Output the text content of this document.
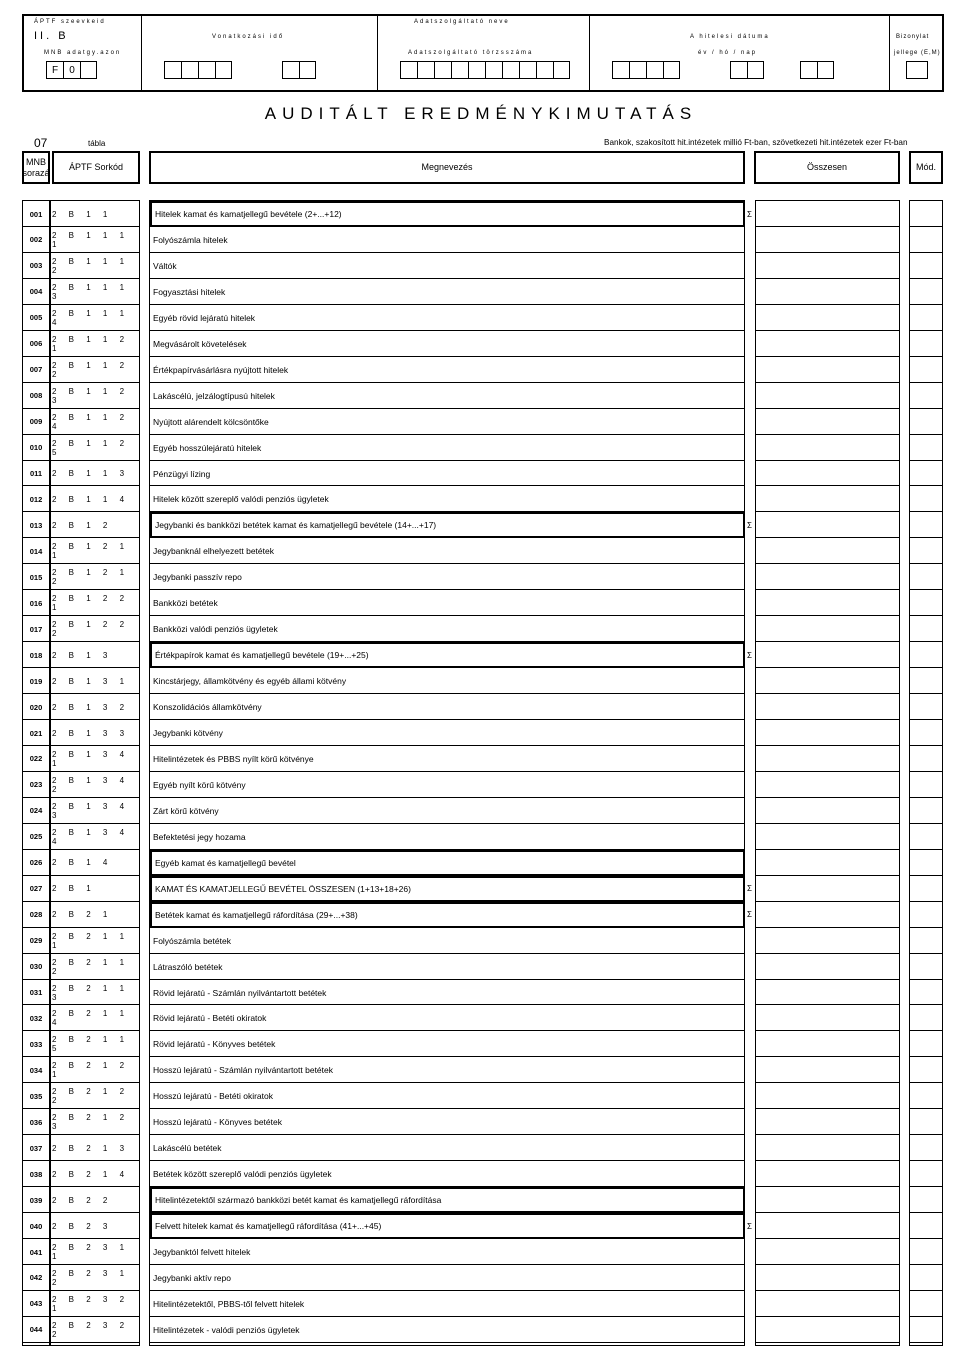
ÁPTF szeevkeid
II. B
MNB adatgy.azon
F	0
Vonatkozási idő
Adatszolgáltató neve
Adatszolgáltató törzsszáma
A hitelesi dátuma
év / hó / nap
Bizonylat
jellege (E,M)
AUDITÁLT EREDMÉNYKIMUTATÁS
07	tábla	Bankok, szakosított hit.intézetek millió Ft-ban, szövetkezeti hit.intézetek ezer Ft-ban
MNB sorazá
ÁPTF Sorkód	Megnevezés	Összesen	Mód.
001	2 B 1 1	Hitelek kamat és kamatjellegű bevétele (2+...+12)	Σ
002	2 B 1 1 1 1	Folyószámla hitelek
003	2 B 1 1 1 2	Váltók
004	2 B 1 1 1 3	Fogyasztási hitelek
005	2 B 1 1 1 4	Egyéb rövid lejáratú hitelek
006	2 B 1 1 2 1	Megvásárolt követelések
007	2 B 1 1 2 2	Értékpapírvásárlásra nyújtott hitelek
008	2 B 1 1 2 3	Lakáscélú, jelzálogtípusú hitelek
009	2 B 1 1 2 4	Nyújtott alárendelt kölcsöntőke
010	2 B 1 1 2 5	Egyéb hosszúlejáratú hitelek
011	2 B 1 1 3	Pénzügyi lízing
012	2 B 1 1 4	Hitelek között szereplő valódi penziós ügyletek
013	2 B 1 2	Jegybanki és bankközi betétek kamat és kamatjellegű bevétele (14+...+17)	Σ
014	2 B 1 2 1 1	Jegybanknál elhelyezett betétek
015	2 B 1 2 1 2	Jegybanki passzív repo
016	2 B 1 2 2 1	Bankközi betétek
017	2 B 1 2 2 2	Bankközi valódi penziós ügyletek
018	2 B 1 3	Értékpapírok kamat és kamatjellegű bevétele (19+...+25)	Σ
019	2 B 1 3 1	Kincstárjegy, államkötvény és egyéb állami kötvény
020	2 B 1 3 2	Konszolidációs államkötvény
021	2 B 1 3 3	Jegybanki kötvény
022	2 B 1 3 4 1	Hitelintézetek és PBBS nyílt körű kötvénye
023	2 B 1 3 4 2	Egyéb nyílt körű kötvény
024	2 B 1 3 4 3	Zárt körű kötvény
025	2 B 1 3 4 4	Befektetési jegy hozama
026	2 B 1 4	Egyéb kamat és kamatjellegű bevétel
027	2 B 1	KAMAT ÉS KAMATJELLEGŰ BEVÉTEL ÖSSZESEN (1+13+18+26)	Σ
028	2 B 2 1	Betétek kamat és kamatjellegű ráfordítása (29+...+38)	Σ
029	2 B 2 1 1 1	Folyószámla betétek
030	2 B 2 1 1 2	Látraszóló betétek
031	2 B 2 1 1 3	Rövid lejáratú - Számlán nyilvántartott betétek
032	2 B 2 1 1 4	Rövid lejáratú - Betéti okiratok
033	2 B 2 1 1 5	Rövid lejáratú - Könyves betétek
034	2 B 2 1 2 1	Hosszú lejáratú - Számlán nyilvántartott betétek
035	2 B 2 1 2 2	Hosszú lejáratú - Betéti okiratok
036	2 B 2 1 2 3	Hosszú lejáratú - Könyves betétek
037	2 B 2 1 3	Lakáscélú betétek
038	2 B 2 1 4	Betétek között szereplő valódi penziós ügyletek
039	2 B 2 2	Hitelintézetektől származó bankközi betét kamat és kamatjellegű ráfordítása
040	2 B 2 3	Felvett hitelek kamat és kamatjellegű ráfordítása (41+...+45)	Σ
041	2 B 2 3 1 1	Jegybanktól felvett hitelek
042	2 B 2 3 1 2	Jegybanki aktív repo
043	2 B 2 3 2 1	Hitelintézetektől, PBBS-től felvett hitelek
044	2 B 2 3 2 2	Hitelintézetek - valódi penziós ügyletek
